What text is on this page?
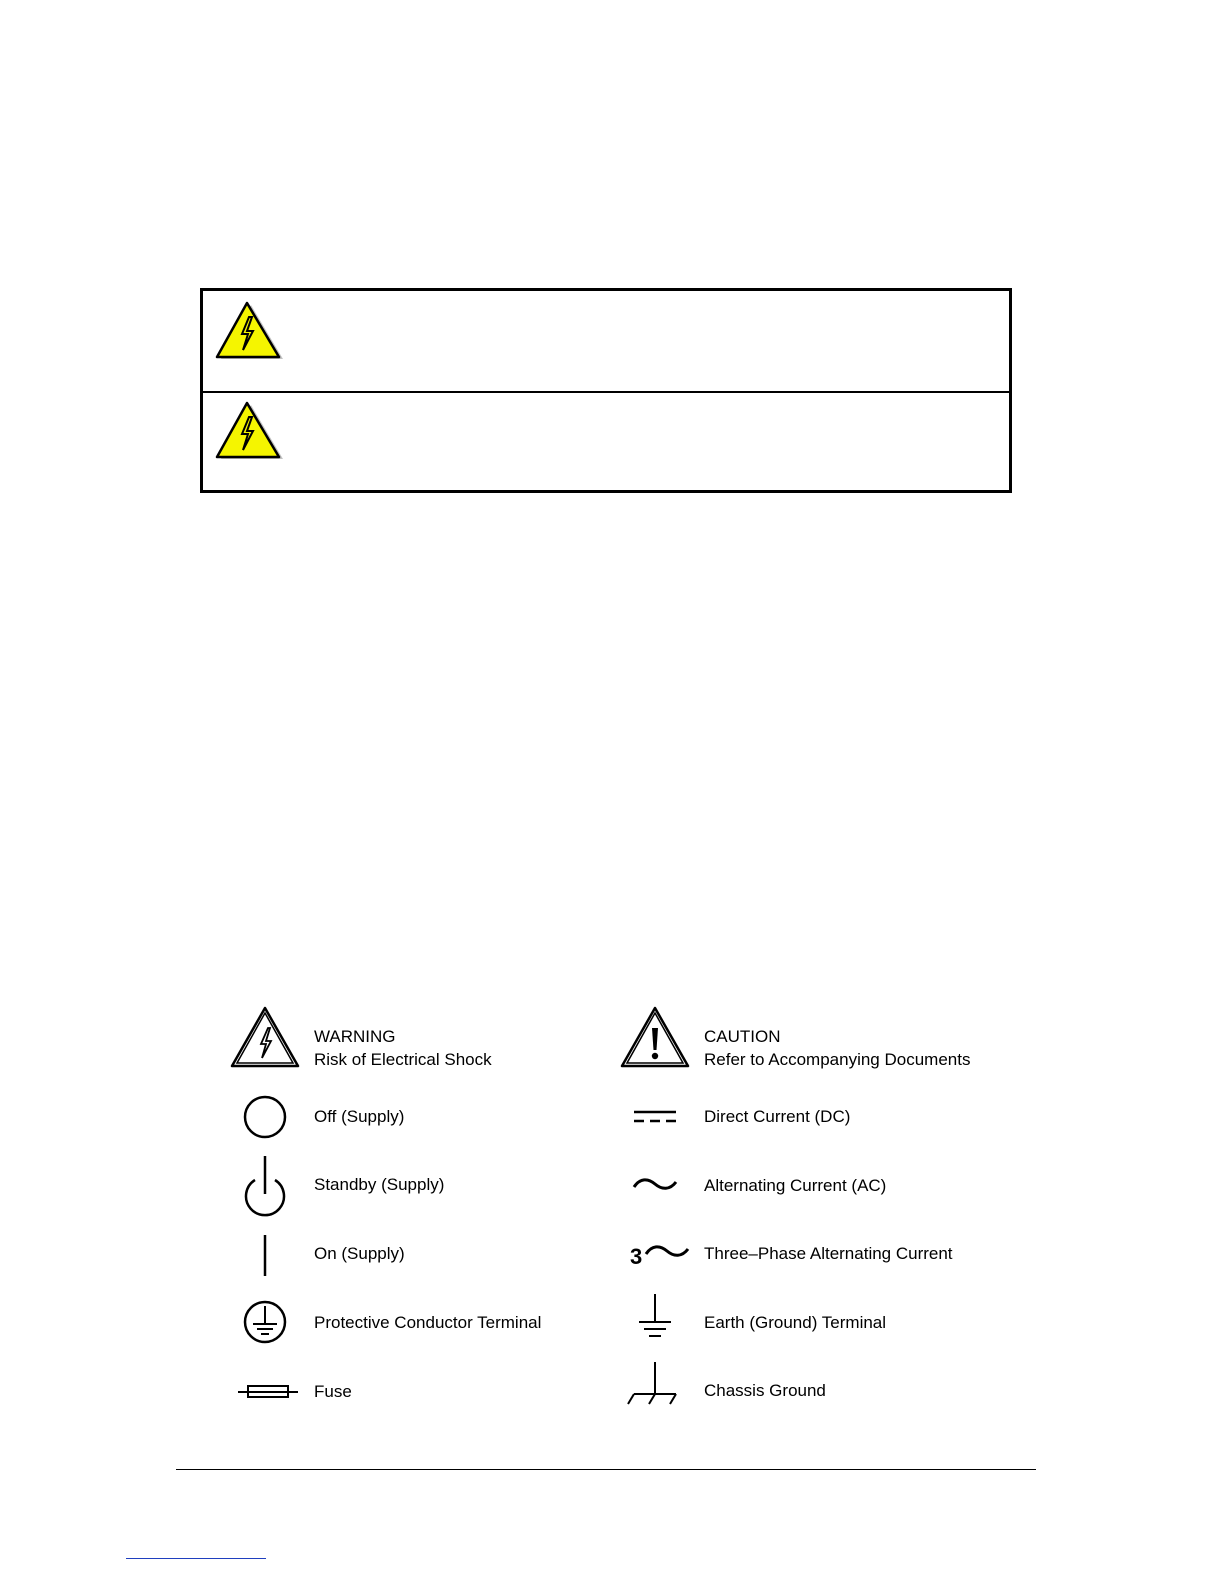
WARNING
Risk of Electrical Shock
Off (Supply)
Standby (Supply)
On (Supply)
Protective Conductor Terminal
Fuse
CAUTION
Refer to Accompanying Documents
Direct Current (DC)
Alternating Current (AC)
3	Three–Phase Alternating Current
Earth (Ground) Terminal
Chassis Ground
